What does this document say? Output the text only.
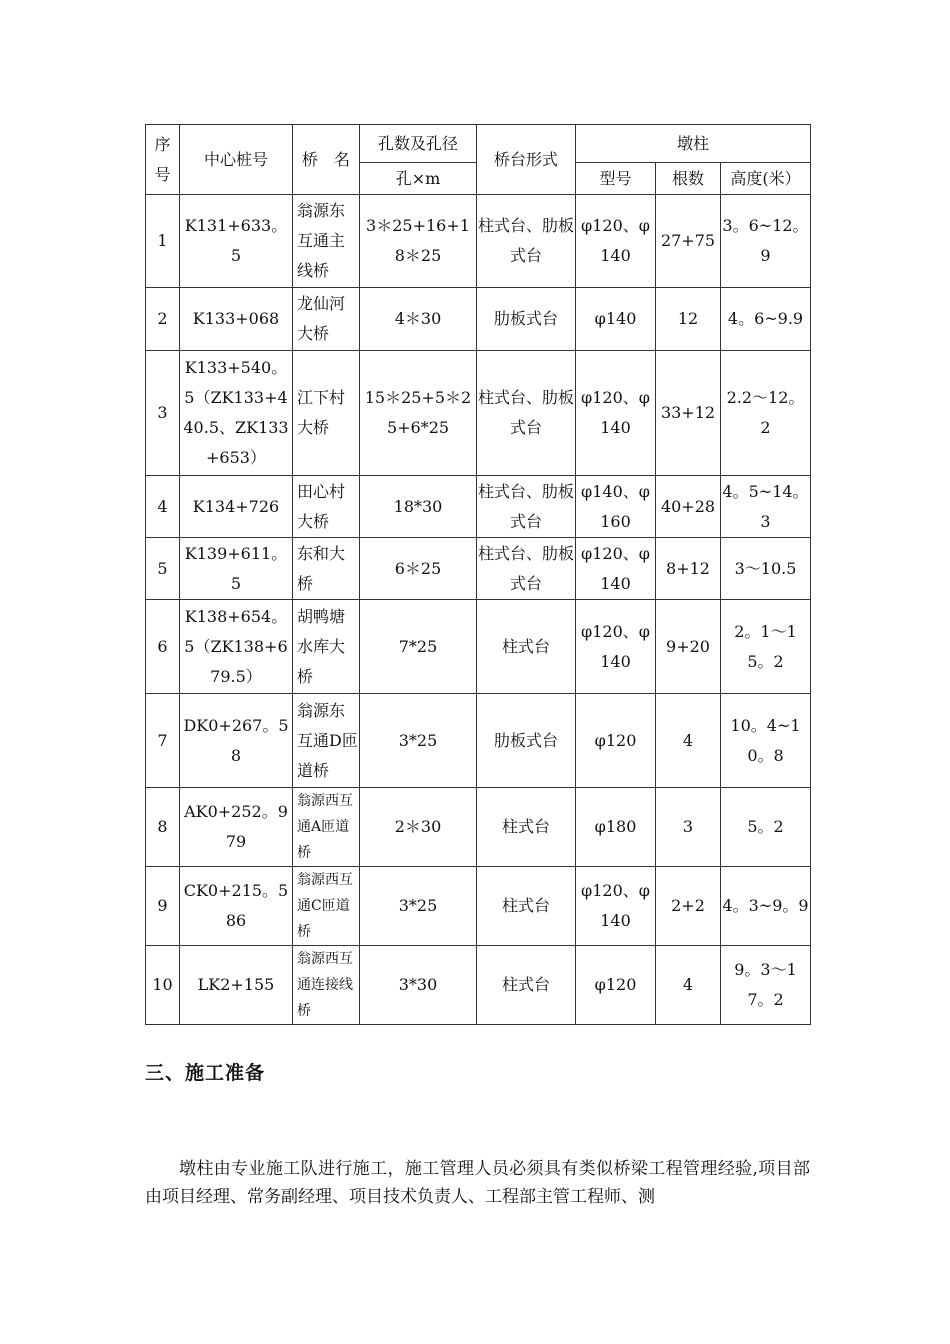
序号	中心桩号	桥　名	孔数及孔径	桥台形式	墩柱		
			孔×m		型号	根数	高度(米）
1	K131+633。5	翁源东互通主线桥	3＊25+16+18＊25	柱式台、肋板式台	φ120、φ140	27+75	3。6~12。9
2	K133+068	龙仙河大桥	4＊30	肋板式台	φ140	12	4。6~9.9
3	K133+540。5（ZK133+440.5、ZK133+653）	江下村大桥	15＊25+5＊25+6*25	柱式台、肋板式台	φ120、φ140	33+12	2.2～12。2
4	K134+726	田心村大桥	18*30	柱式台、肋板式台	φ140、φ160	40+28	4。5~14。3
5	K139+611。5	东和大桥	6＊25	柱式台、肋板式台	φ120、φ140	8+12	3～10.5
6	K138+654。5（ZK138+679.5）	胡鸭塘水库大桥	7*25	柱式台	φ120、φ140	9+20	2。1～15。2
7	DK0+267。58	翁源东互通D匝道桥	3*25	肋板式台	φ120	4	10。4~10。8
8	AK0+252。979	翁源西互通A匝道桥	2＊30	柱式台	φ180	3	5。2
9	CK0+215。586	翁源西互通C匝道桥	3*25	柱式台	φ120、φ140	2+2	4。3~9。9
10	LK2+155	翁源西互通连接线桥	3*30	柱式台	φ120	4	9。3～17。2
三、施工准备

墩柱由专业施工队进行施工，施工管理人员必须具有类似桥梁工程管理经验,项目部由项目经理、常务副经理、项目技术负责人、工程部主管工程师、测
